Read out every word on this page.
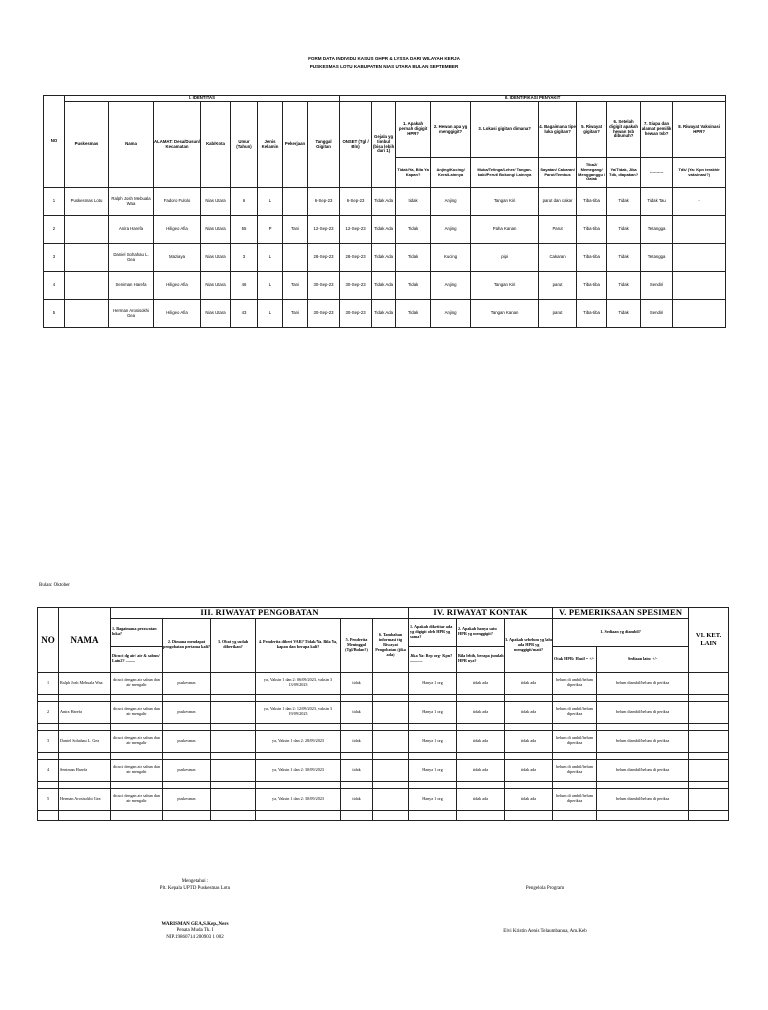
FORM DATA INDIVIDU KASUS GHPR & LYSSA DARI WILAYAH KERJA
PUSKESMAS LOTU KABUPATEN NIAS UTARA BULAN SEPTEMBER
NO	I. IDENTITAS								II. IDENTIFIKASI PENYAKIT									
	Puskesmas	Nama	ALAMAT: Desa/Dusun/ Kecamatan	Kab/Kota	Umur (Tahun)	Jenis Kelamin	Pekerjaan	Tanggal Gigitan	ONSET (Tgl / Bln)	Gejala yg timbul (bisa lebih dari 1)	1. Apakah pernah digigit HPR?	2. Hewan apa yg menggigit?	3. Lokasi gigitan dimana?	4. Bagaimana tipe luka gigitan?	5. Riwayat gigitan?	6. Setelah digigit apakah hewan tsb dibunuh?	7. Siapa dan alamat pemilik hewan tsb?	8. Riwayat Vaksinasi HPR?
											Tidak/Ya, Bila Ya Kapan?	Anjing/Kucing/ Kera/Lainnya	Muka/Telinga/Leher/ Tangan-kaki/Perut/ Bokong/ Lainnya	Sayatan/ Cakaran/ Parut/Tembus	Tiba2/ Memegang/ Mengganggu / Galak	Ya/Tidak, Jika Tdk, diapakan?	----------	Tdk/ (Ya: Kpn terakhir vaksinasi?)
1	Puskesmas Lotu	Ralph Josh Mebuala Waa	Fadoro Fulolo	Nias Utara	6	L		6-Sep-23	6-Sep-23	Tidak Ada	tidak	Anjing	Tangan Kiri	parut dan cakar	Tiba-tiba	Tidak	Tidak Tau	-
2		Anira Harefa	Hiligeo Afia	Nias Utara	55	P	Tani	12-Sep-23	12-Sep-23	Tidak Ada	Tidak	Anjing	Paha Kanan	Parut	Tiba-tiba	Tidak	Tetangga	
3		Daniel Sohahau L. Gea	Maziaya	Nias Utara	3	L		28-Sep-23	28-Sep-23	Tidak Ada	Tidak	Kucing	pipi	Cakaran	Tiba-tiba	Tidak	Tetangga	
4		Seniman Harefa	Hiligeo Afia	Nias Utara	46	L	Tani	30-Sep-23	30-Sep-23	Tidak Ada	Tidak	Anjing	Tangan Kiri	parut	Tiba-tiba	Tidak	Sendiri	
5		Herman Arosisokhi Gea	Hiligeo Afia	Nias Utara	43	L	Tani	30-Sep-23	30-Sep-23	Tidak Ada	Tidak	Anjing	Tangan Kanan	parut	Tiba-tiba	Tidak	Sendiri	
Bulan: Oktober
NO	NAMA	III. RIWAYAT PENGOBATAN						IV. RIWAYAT KONTAK			V. PEMERIKSAAN SPESIMEN		VI. KET. LAIN
		1. Bagaimana perawatan luka?	2. Dimana mendapat pengobatan pertama kali?	3. Obat yg sudah diberikan?	4. Penderita diberi VAR? Tidak/Ya. Bila Ya, kapan dan berapa kali?	5. Penderita Meninggal (Tgl/Bulan?)	6. Tambahan informasi ttg Riwayat Pengobatan (jika ada)	1. Apakah diketitar ada yg digigit oleh HPR yg sama?	2. Apakah hanya satu HPR yg menggigit?	3. Apakah sebelum yg lalu ada HPR yg menggigit/mati?	1. Sediaan yg diambil?		
		Dicuci dg air/ air & sabun/ Lain2? .........						Jika Ya: Brp org- Kpn? ............	Bila lebih, berapa jumlah HPR nya?		Otak HPR: Hasil = +/-	Sediaan lain: +/-	
1	Ralph Josh Mebuala Waa	dicuci dengan air sabun dan air mengalir	puskesmas		ya, Vaksin 1 dan 2: 06/09/2023, vaksin 3 13/09/2023	tidak		Hanya 1 org	tidak ada	tidak ada	belum di ambil/belum diperiksa	belum diambil/belum di periksa	

2	Anira Harefa	dicuci dengan air sabun dan air mengalir	puskesmas		ya, Vaksin 1 dan 2: 12/09/2023, vaksin 3 19/09/2023	tidak		Hanya 1 org	tidak ada	tidak ada	belum di ambil/belum diperiksa	belum diambil/belum di periksa	

3	Daniel Sohahau L. Gea	dicuci dengan air sabun dan air mengalir	puskesmas		ya, Vaksin 1 dan 2: 28/09/2023	tidak		Hanya 1 org	tidak ada	tidak ada	belum di ambil/belum diperiksa	belum diambil/belum di periksa	

4	Seniman Harefa	dicuci dengan air sabun dan air mengalir	puskesmas		ya, Vaksin 1 dan 2: 30/09/2023	tidak		Hanya 1 org	tidak ada	tidak ada	belum di ambil/belum diperiksa	belum diambil/belum di periksa	

5	Herman Arosisokhi Gea	dicuci dengan air sabun dan air mengalir	puskesmas		ya, Vaksin 1 dan 2: 30/09/2023	tidak		Hanya 1 org	tidak ada	tidak ada	belum di ambil/belum diperiksa	belum diambil/belum di periksa	

Mengetahui :
Plt. Kepala UPTD Puskesmas Lotu
WARISMAN GEA,S.Kep.,Ners
Penata Muda Tk. I
NIP.19860714 200903 1 002
Pengelola Program
Elvi Kristin Aenis Telaumbanua, Am.Keb
